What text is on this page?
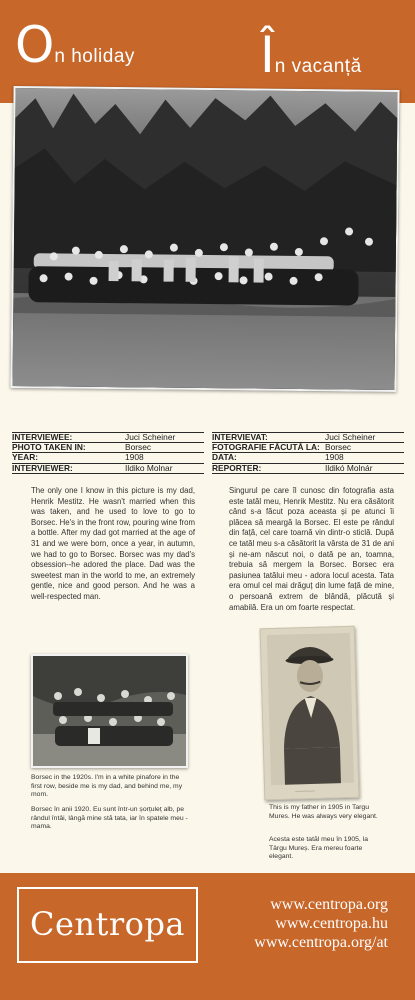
On holiday	În vacanță
INTERVIEWEE:	Juci Scheiner
PHOTO TAKEN IN:	Borsec
YEAR:	1908
INTERVIEWER:	Ildiko Molnar
INTERVIEVAT:	Juci Scheiner
FOTOGRAFIE FĂCUTĂ LA: Borsec
DATA:	1908
REPORTER:	Ildikó Molnár

The only one I know in this picture is my dad, Henrik Mestitz. He wasn't married when this was taken, and he used to love to go to Borsec. He's in the front row, pouring wine from a bottle. After my dad got married at the age of 31 and we were born, once a year, in autumn, we had to go to Borsec. Borsec was my dad's obsession--he adored the place. Dad was the sweetest man in the world to me, an extremely gentle, nice and good person. And he was a well-respected man.

Singurul pe care îl cunosc din fotografia asta este tatăl meu, Henrik Mestitz. Nu era căsătorit când s-a făcut poza aceasta și pe atunci îi plăcea să meargă la Borsec. El este pe rândul din față, cel care toarnă vin dintr-o sticlă. După ce tatăl meu s-a căsătorit la vârsta de 31 de ani și ne-am născut noi, o dată pe an, toamna, trebuia să mergem la Borsec. Borsec era pasiunea tatălui meu - adora locul acesta. Tata era omul cel mai drăguț din lume față de mine, o persoană extrem de blândă, plăcută și amabilă. Era un om foarte respectat.

Borsec in the 1920s. I'm in a white pinafore in the first row, beside me is my dad, and behind me, my mom.

Borsec în anii 1920. Eu sunt într-un șorțuleț alb, pe rândul întâi, lângă mine stă tata, iar în spatele meu - mama.

~~~~~~

This is my father in 1905 in Targu Mures. He was always very elegant.

Acesta este tatăl meu în 1905, la Târgu Mureș. Era mereu foarte elegant.

Centropa
www.centropa.org
www.centropa.hu
www.centropa.org/at
